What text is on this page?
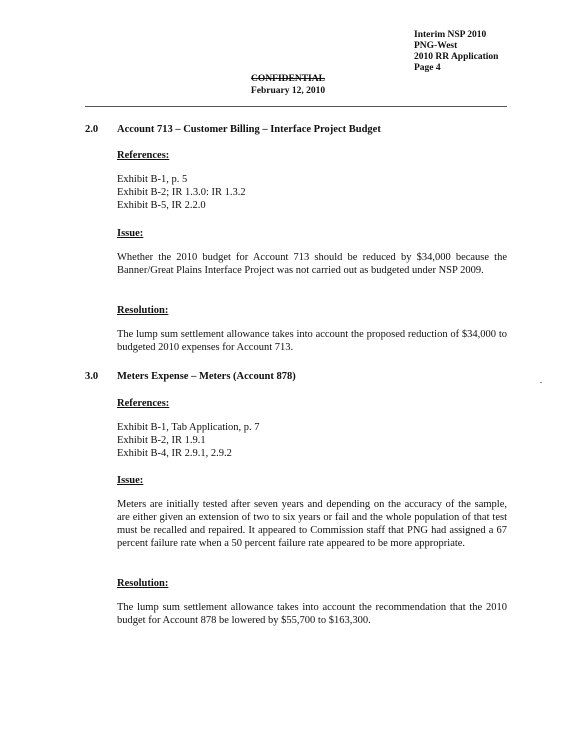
Interim NSP 2010
PNG-West
2010 RR Application
Page 4
CONFIDENTIAL
February 12, 2010
2.0 Account 713 – Customer Billing – Interface Project Budget
References:
Exhibit B-1, p. 5
Exhibit B-2; IR 1.3.0: IR 1.3.2
Exhibit B-5, IR 2.2.0
Issue:
Whether the 2010 budget for Account 713 should be reduced by $34,000 because the Banner/Great Plains Interface Project was not carried out as budgeted under NSP 2009.
Resolution:
The lump sum settlement allowance takes into account the proposed reduction of $34,000 to budgeted 2010 expenses for Account 713.
3.0 Meters Expense – Meters (Account 878)
References:
Exhibit B-1, Tab Application, p. 7
Exhibit B-2, IR 1.9.1
Exhibit B-4, IR 2.9.1, 2.9.2
Issue:
Meters are initially tested after seven years and depending on the accuracy of the sample, are either given an extension of two to six years or fail and the whole population of that test must be recalled and repaired. It appeared to Commission staff that PNG had assigned a 67 percent failure rate when a 50 percent failure rate appeared to be more appropriate.
Resolution:
The lump sum settlement allowance takes into account the recommendation that the 2010 budget for Account 878 be lowered by $55,700 to $163,300.
